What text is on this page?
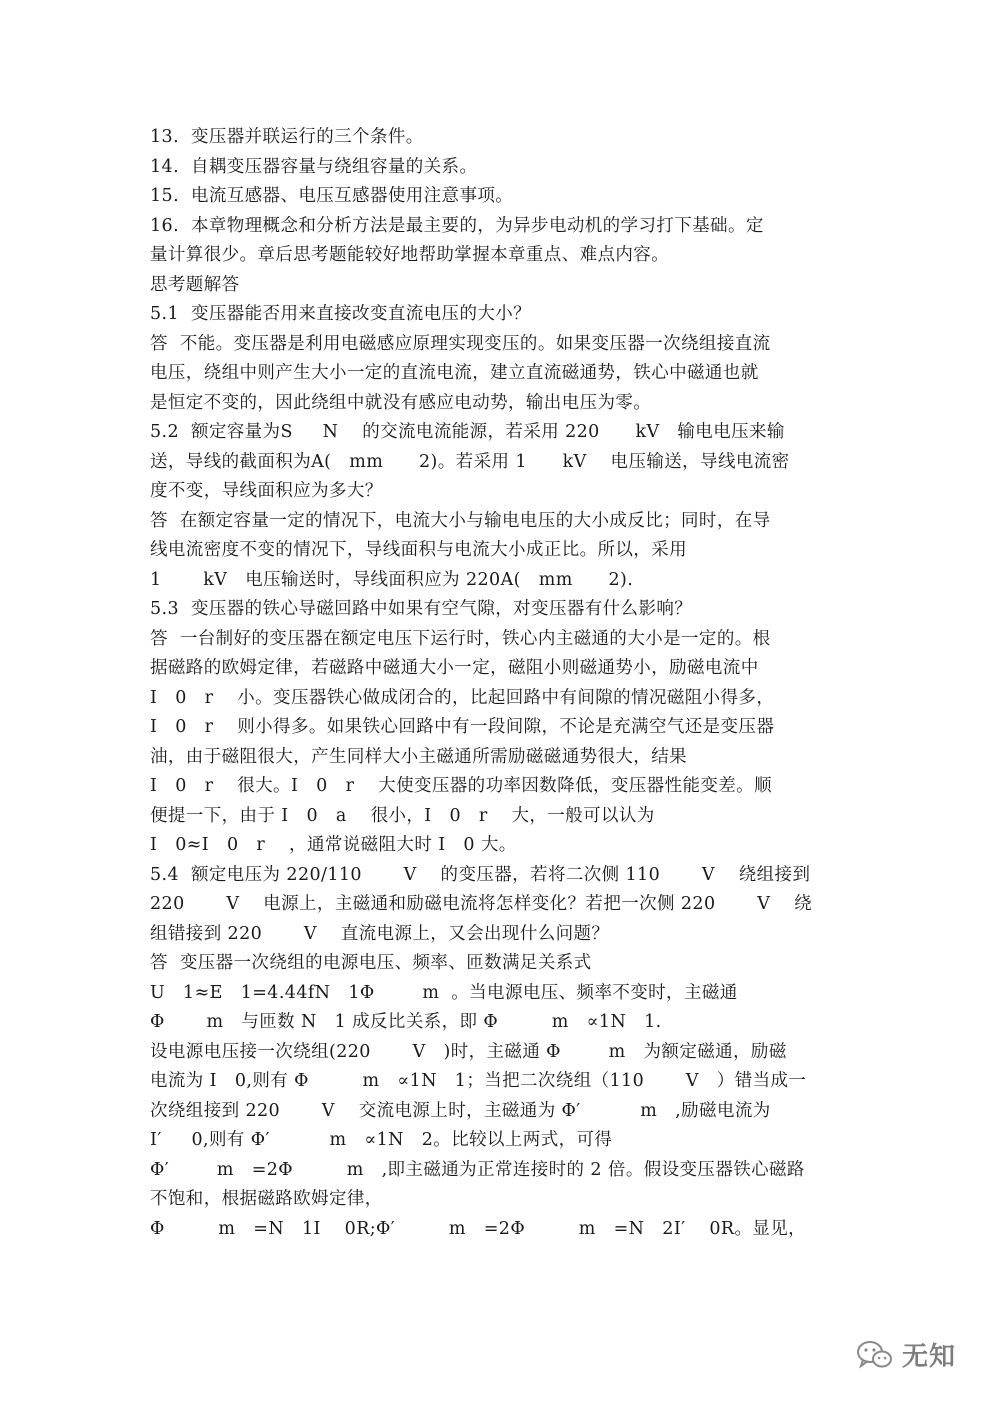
13.  变压器并联运行的三个条件。
14.  自耦变压器容量与绕组容量的关系。
15.  电流互感器、电压互感器使用注意事项。
16.  本章物理概念和分析方法是最主要的，为异步电动机的学习打下基础。定
量计算很少。章后思考题能较好地帮助掌握本章重点、难点内容。
思考题解答
5.1  变压器能否用来直接改变直流电压的大小？
答  不能。变压器是利用电磁感应原理实现变压的。如果变压器一次绕组接直流
电压，绕组中则产生大小一定的直流电流，建立直流磁通势，铁心中磁通也就
是恒定不变的，因此绕组中就没有感应电动势，输出电压为零。
5.2  额定容量为S     N    的交流电流能源，若采用 220      kV   输电电压来输
送，导线的截面积为A(   mm      2)。若采用 1      kV    电压输送，导线电流密
度不变，导线面积应为多大？
答  在额定容量一定的情况下，电流大小与输电电压的大小成反比；同时，在导
线电流密度不变的情况下，导线面积与电流大小成正比。所以，采用
1       kV   电压输送时，导线面积应为 220A(   mm      2).
5.3  变压器的铁心导磁回路中如果有空气隙，对变压器有什么影响？
答  一台制好的变压器在额定电压下运行时，铁心内主磁通的大小是一定的。根
据磁路的欧姆定律，若磁路中磁通大小一定，磁阻小则磁通势小，励磁电流中
I   0   r    小。变压器铁心做成闭合的，比起回路中有间隙的情况磁阻小得多，
I   0   r    则小得多。如果铁心回路中有一段间隙，不论是充满空气还是变压器
油，由于磁阻很大，产生同样大小主磁通所需励磁磁通势很大，结果
I   0   r    很大。I   0   r    大使变压器的功率因数降低，变压器性能变差。顺
便提一下，由于 I   0   a    很小，I   0   r    大，一般可以认为
I   0≈I   0   r    ，通常说磁阻大时 I   0 大。
5.4  额定电压为 220/110       V    的变压器，若将二次侧 110       V    绕组接到
220       V    电源上，主磁通和励磁电流将怎样变化？若把一次侧 220       V    绕
组错接到 220       V    直流电源上，又会出现什么问题？
答  变压器一次绕组的电源电压、频率、匝数满足关系式
U   1≈E   1=4.44fN   1Φ        m  。当电源电压、频率不变时，主磁通
Φ       m   与匝数 N   1 成反比关系，即 Φ         m   ∝1N   1.
设电源电压接一次绕组(220       V   )时，主磁通 Φ        m   为额定磁通，励磁
电流为 I   0,则有 Φ         m   ∝1N   1；当把二次绕组（110       V   ）错当成一
次绕组接到 220       V    交流电源上时，主磁通为 Φ′          m   ,励磁电流为
I′     0,则有 Φ′          m   ∝1N   2。比较以上两式，可得
Φ′        m   =2Φ         m   ,即主磁通为正常连接时的 2 倍。假设变压器铁心磁路
不饱和，根据磁路欧姆定律，
Φ         m   =N   1I    0R;Φ′         m   =2Φ         m   =N   2I′    0R。显见，
无知
